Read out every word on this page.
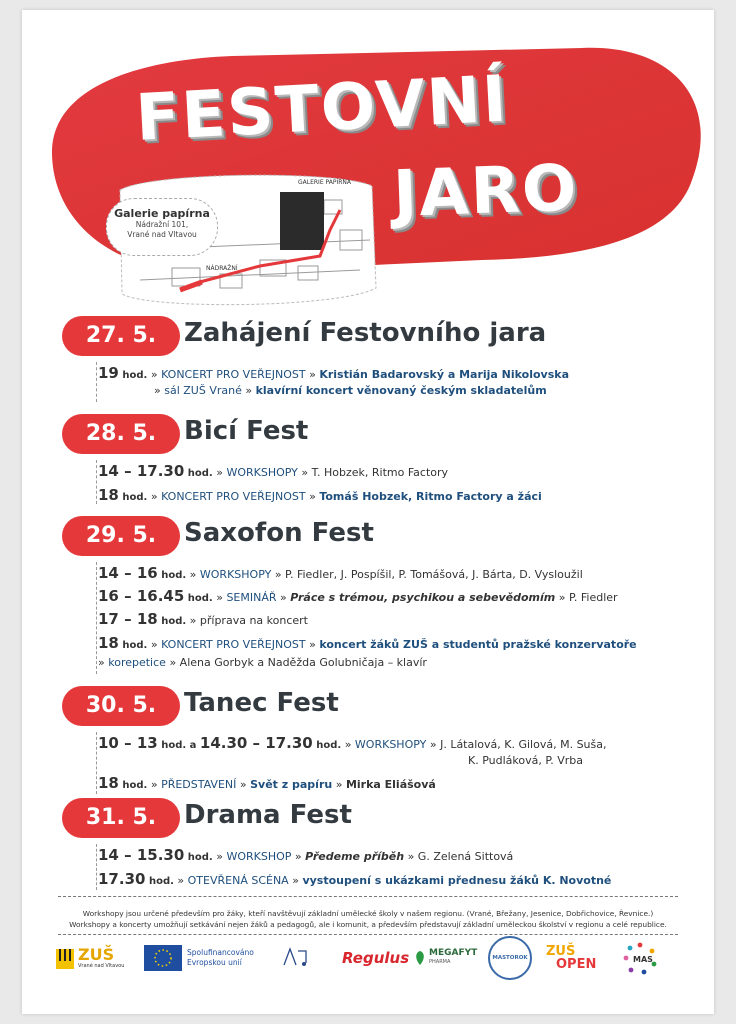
FESTOVNÍ
JARO
GALERIE PAPÍRNA
NÁDRAŽNÍ
Galerie papírna
Nádražní 101,
Vrané nad Vltavou
27. 5.	Zahájení Festovního jara
19 hod. » KONCERT PRO VEŘEJNOST » Kristián Badarovský a Marija Nikolovska
» sál ZUŠ Vrané » klavírní koncert věnovaný českým skladatelům
28. 5.	Bicí Fest
14 – 17.30 hod. » WORKSHOPY » T. Hobzek, Ritmo Factory
18 hod. » KONCERT PRO VEŘEJNOST » Tomáš Hobzek, Ritmo Factory a žáci
29. 5.	Saxofon Fest
14 – 16 hod. » WORKSHOPY » P. Fiedler, J. Pospíšil, P. Tomášová, J. Bárta, D. Vysloužil
16 – 16.45 hod. » SEMINÁŘ » Práce s trémou, psychikou a sebevědomím » P. Fiedler
17 – 18 hod. » příprava na koncert
18 hod. » KONCERT PRO VEŘEJNOST » koncert žáků ZUŠ a studentů pražské konzervatoře
» korepetice » Alena Gorbyk a Naděžda Golubničaja – klavír
30. 5.	Tanec Fest
10 – 13 hod. a 14.30 – 17.30 hod. » WORKSHOPY » J. Látalová, K. Gilová, M. Suša,
K. Pudláková, P. Vrba
18 hod. » PŘEDSTAVENÍ » Svět z papíru » Mirka Eliášová
31. 5.	Drama Fest
14 – 15.30 hod. » WORKSHOP » Předeme příběh » G. Zelená Sittová
17.30 hod. » OTEVŘENÁ SCÉNA » vystoupení s ukázkami přednesu žáků K. Novotné
Workshopy jsou určené především pro žáky, kteří navštěvují základní umělecké školy v našem regionu. (Vrané, Břežany, Jesenice, Dobřichovice, Řevnice.)
Workshopy a koncerty umožňují setkávání nejen žáků a pedagogů, ale i komunit, a především představují základní uměleckou školství v regionu a celé republice.
ZUŠ
Vrané nad Vltavou
Spolufinancováno
Evropskou unií	Regulus MEGAFYT
PHARMA
MASTOROK	ZUŠ
OPEN	MAS
